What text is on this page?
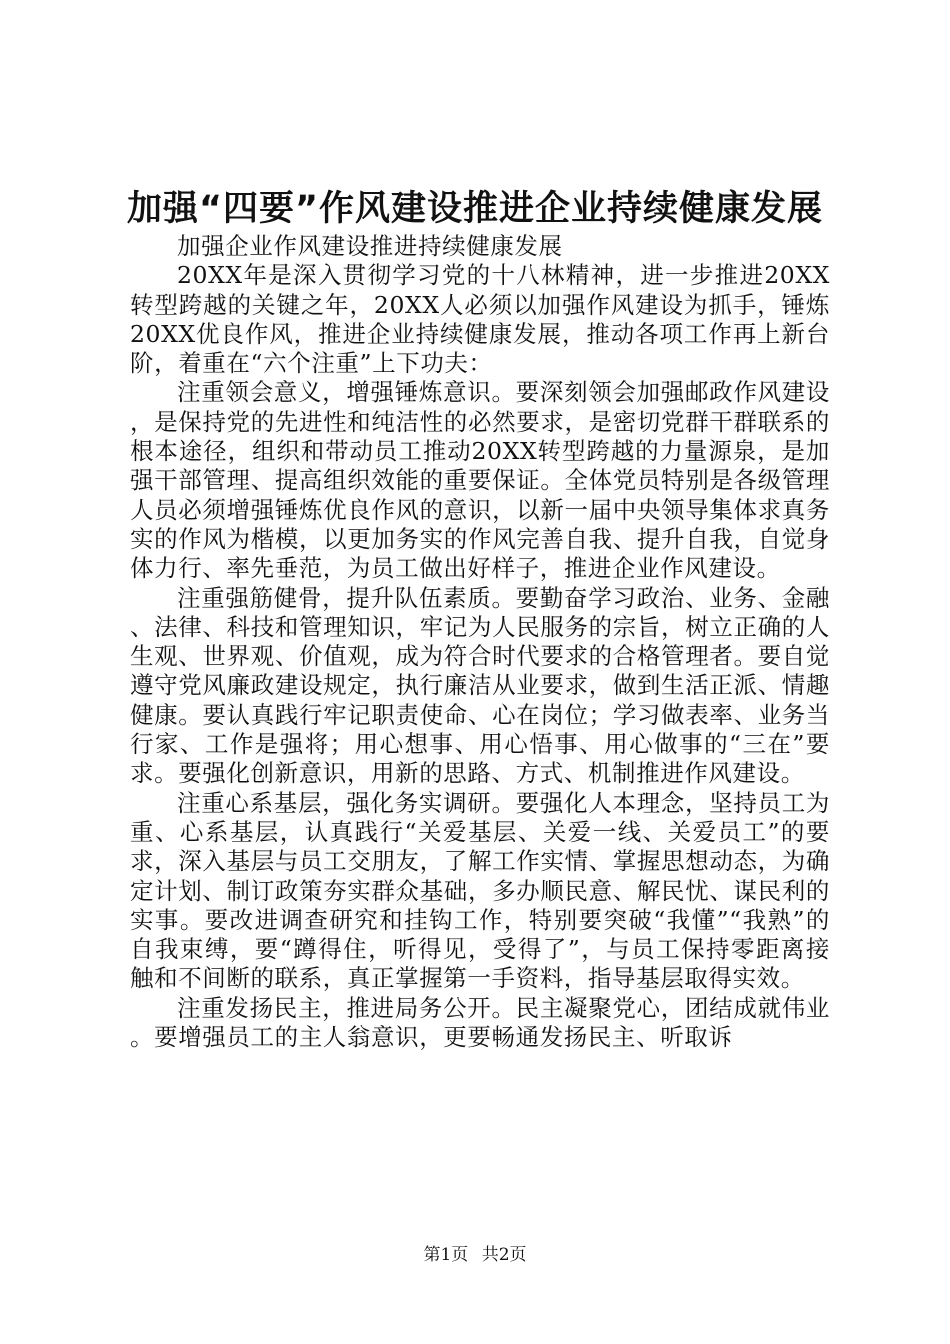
加强“四要”作风建设推进企业持续健康发展

加强企业作风建设推进持续健康发展

20XX年是深入贯彻学习党的十八林精神，进一步推进20XX转型跨越的关键之年，20XX人必须以加强作风建设为抓手，锤炼20XX优良作风，推进企业持续健康发展，推动各项工作再上新台阶，着重在“六个注重”上下功夫：

注重领会意义，增强锤炼意识。要深刻领会加强邮政作风建设，是保持党的先进性和纯洁性的必然要求，是密切党群干群联系的根本途径，组织和带动员工推动20XX转型跨越的力量源泉，是加强干部管理、提高组织效能的重要保证。全体党员特别是各级管理人员必须增强锤炼优良作风的意识，以新一届中央领导集体求真务实的作风为楷模，以更加务实的作风完善自我、提升自我，自觉身体力行、率先垂范，为员工做出好样子，推进企业作风建设。

注重强筋健骨，提升队伍素质。要勤奋学习政治、业务、金融、法律、科技和管理知识，牢记为人民服务的宗旨，树立正确的人生观、世界观、价值观，成为符合时代要求的合格管理者。要自觉遵守党风廉政建设规定，执行廉洁从业要求，做到生活正派、情趣健康。要认真践行牢记职责使命、心在岗位；学习做表率、业务当行家、工作是强将；用心想事、用心悟事、用心做事的“三在”要求。要强化创新意识，用新的思路、方式、机制推进作风建设。

注重心系基层，强化务实调研。要强化人本理念，坚持员工为重、心系基层，认真践行“关爱基层、关爱一线、关爱员工”的要求，深入基层与员工交朋友，了解工作实情、掌握思想动态，为确定计划、制订政策夯实群众基础，多办顺民意、解民忧、谋民利的实事。要改进调查研究和挂钩工作，特别要突破“我懂”“我熟”的自我束缚，要“蹲得住，听得见，受得了”，与员工保持零距离接触和不间断的联系，真正掌握第一手资料，指导基层取得实效。

注重发扬民主，推进局务公开。民主凝聚党心，团结成就伟业。要增强员工的主人翁意识，更要畅通发扬民主、听取诉

第1页 共2页
